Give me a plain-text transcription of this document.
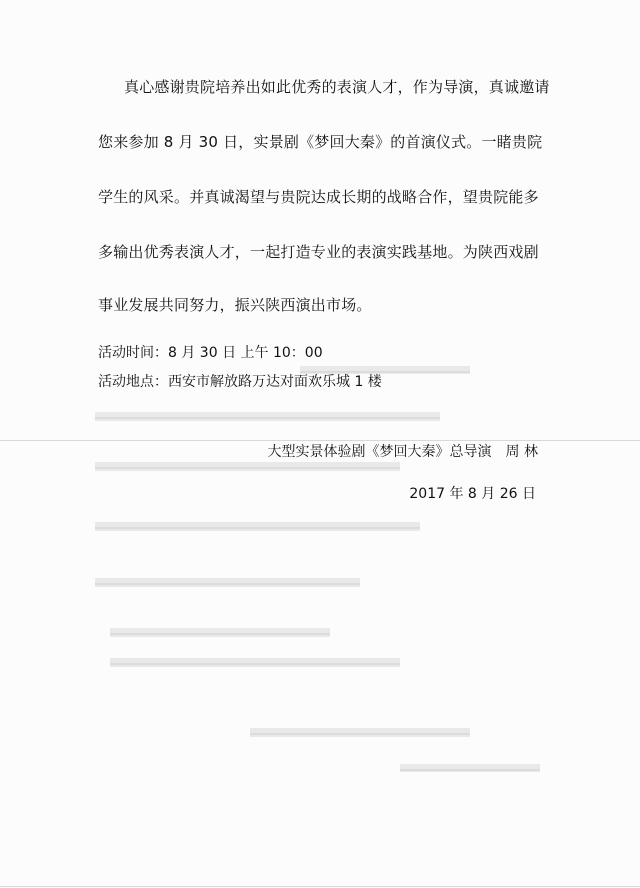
真心感谢贵院培养出如此优秀的表演人才，作为导演，真诚邀请
您来参加 8 月 30 日，实景剧《梦回大秦》的首演仪式。一睹贵院
学生的风采。并真诚渴望与贵院达成长期的战略合作，望贵院能多
多输出优秀表演人才，一起打造专业的表演实践基地。为陕西戏剧
事业发展共同努力，振兴陕西演出市场。
活动时间：8 月 30 日 上午 10：00
活动地点：西安市解放路万达对面欢乐城 1 楼
大型实景体验剧《梦回大秦》总导演　周 林
2017 年 8 月 26 日
